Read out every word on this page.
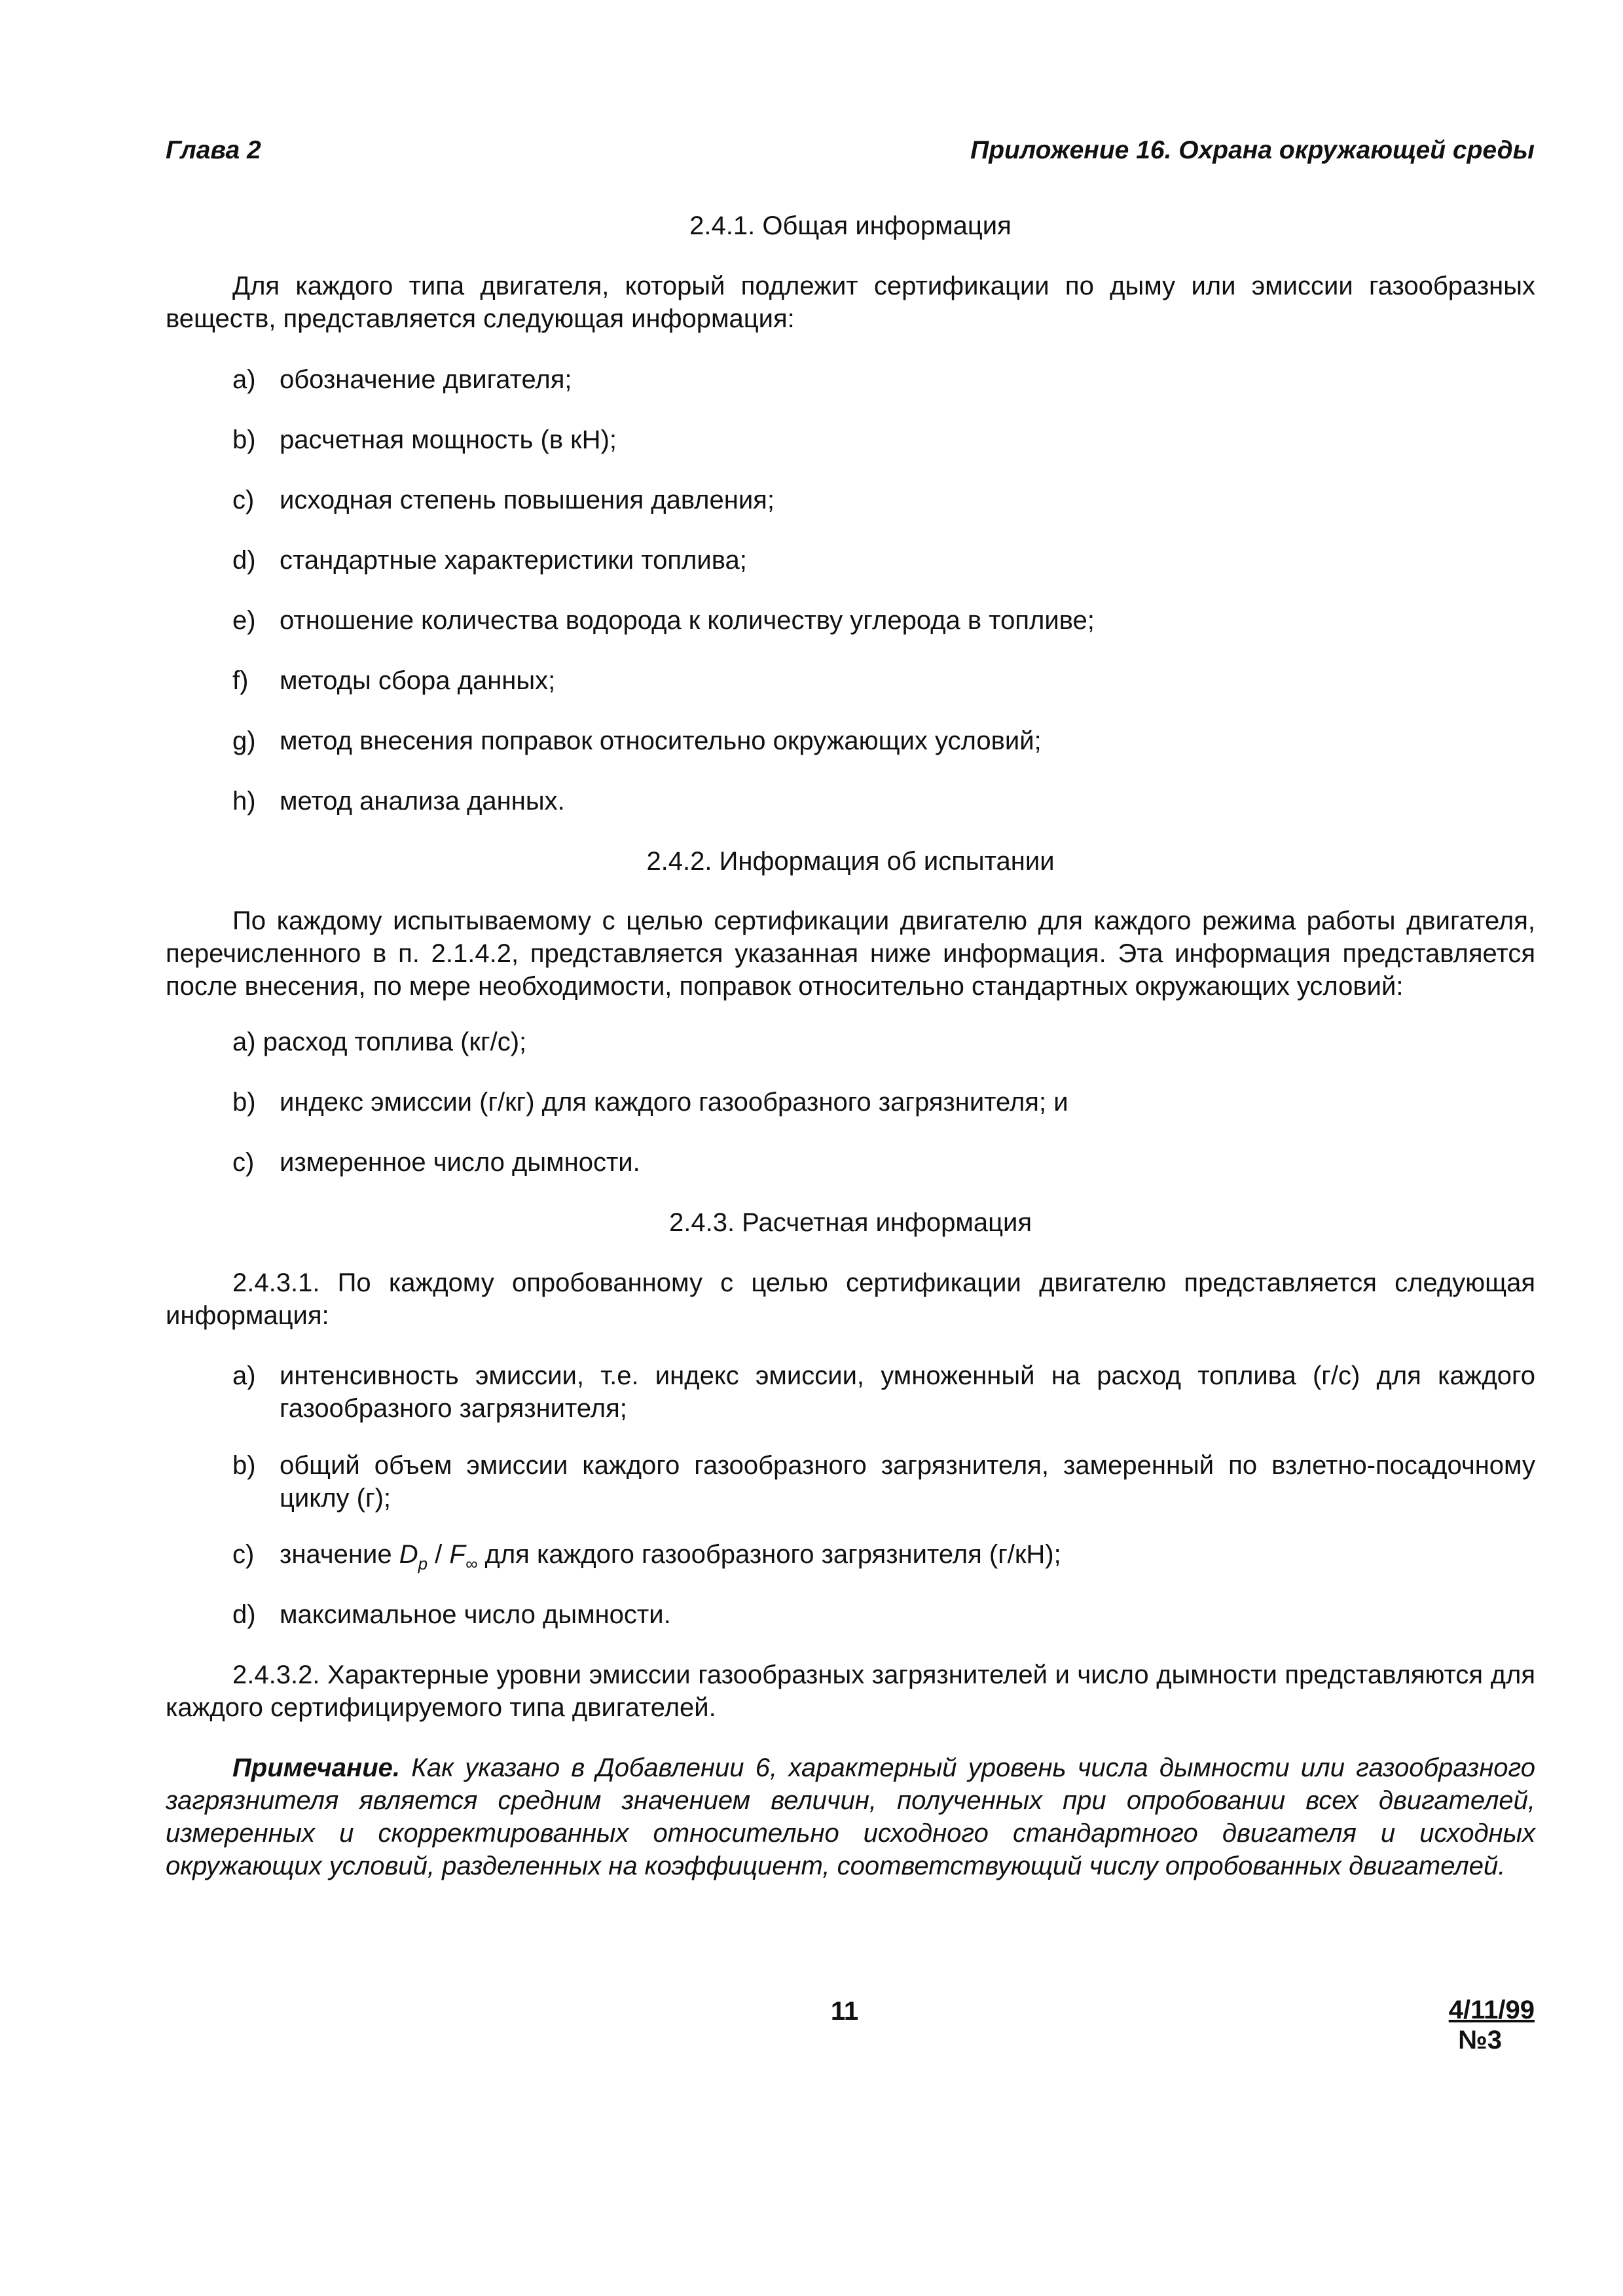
Глава 2	Приложение 16. Охрана окружающей среды
2.4.1. Общая информация
Для каждого типа двигателя, который подлежит сертификации по дыму или эмиссии газообразных веществ, представляется следующая информация:
a) обозначение двигателя;
b) расчетная мощность (в кН);
c) исходная степень повышения давления;
d) стандартные характеристики топлива;
e) отношение количества водорода к количеству углерода в топливе;
f) методы сбора данных;
g) метод внесения поправок относительно окружающих условий;
h) метод анализа данных.
2.4.2. Информация об испытании
По каждому испытываемому с целью сертификации двигателю для каждого режима работы двигателя, перечисленного в п. 2.1.4.2, представляется указанная ниже информация. Эта информация представляется после внесения, по мере необходимости, поправок относительно стандартных окружающих условий:
a) расход топлива (кг/с);
b) индекс эмиссии (г/кг) для каждого газообразного загрязнителя; и
c) измеренное число дымности.
2.4.3. Расчетная информация
2.4.3.1. По каждому опробованному с целью сертификации двигателю представляется следующая информация:
a) интенсивность эмиссии, т.е. индекс эмиссии, умноженный на расход топлива (г/с) для каждого газообразного загрязнителя;
b) общий объем эмиссии каждого газообразного загрязнителя, замеренный по взлетно-посадочному циклу (г);
c) значение $D_p / F_\infty$ для каждого газообразного загрязнителя (г/кН);
d) максимальное число дымности.
2.4.3.2. Характерные уровни эмиссии газообразных загрязнителей и число дымности представляются для каждого сертифицируемого типа двигателей.
Примечание. Как указано в Добавлении 6, характерный уровень числа дымности или газообразного загрязнителя является средним значением величин, полученных при опробовании всех двигателей, измеренных и скорректированных относительно исходного стандартного двигателя и исходных окружающих условий, разделенных на коэффициент, соответствующий числу опробованных двигателей.
11	4/11/99
№3
